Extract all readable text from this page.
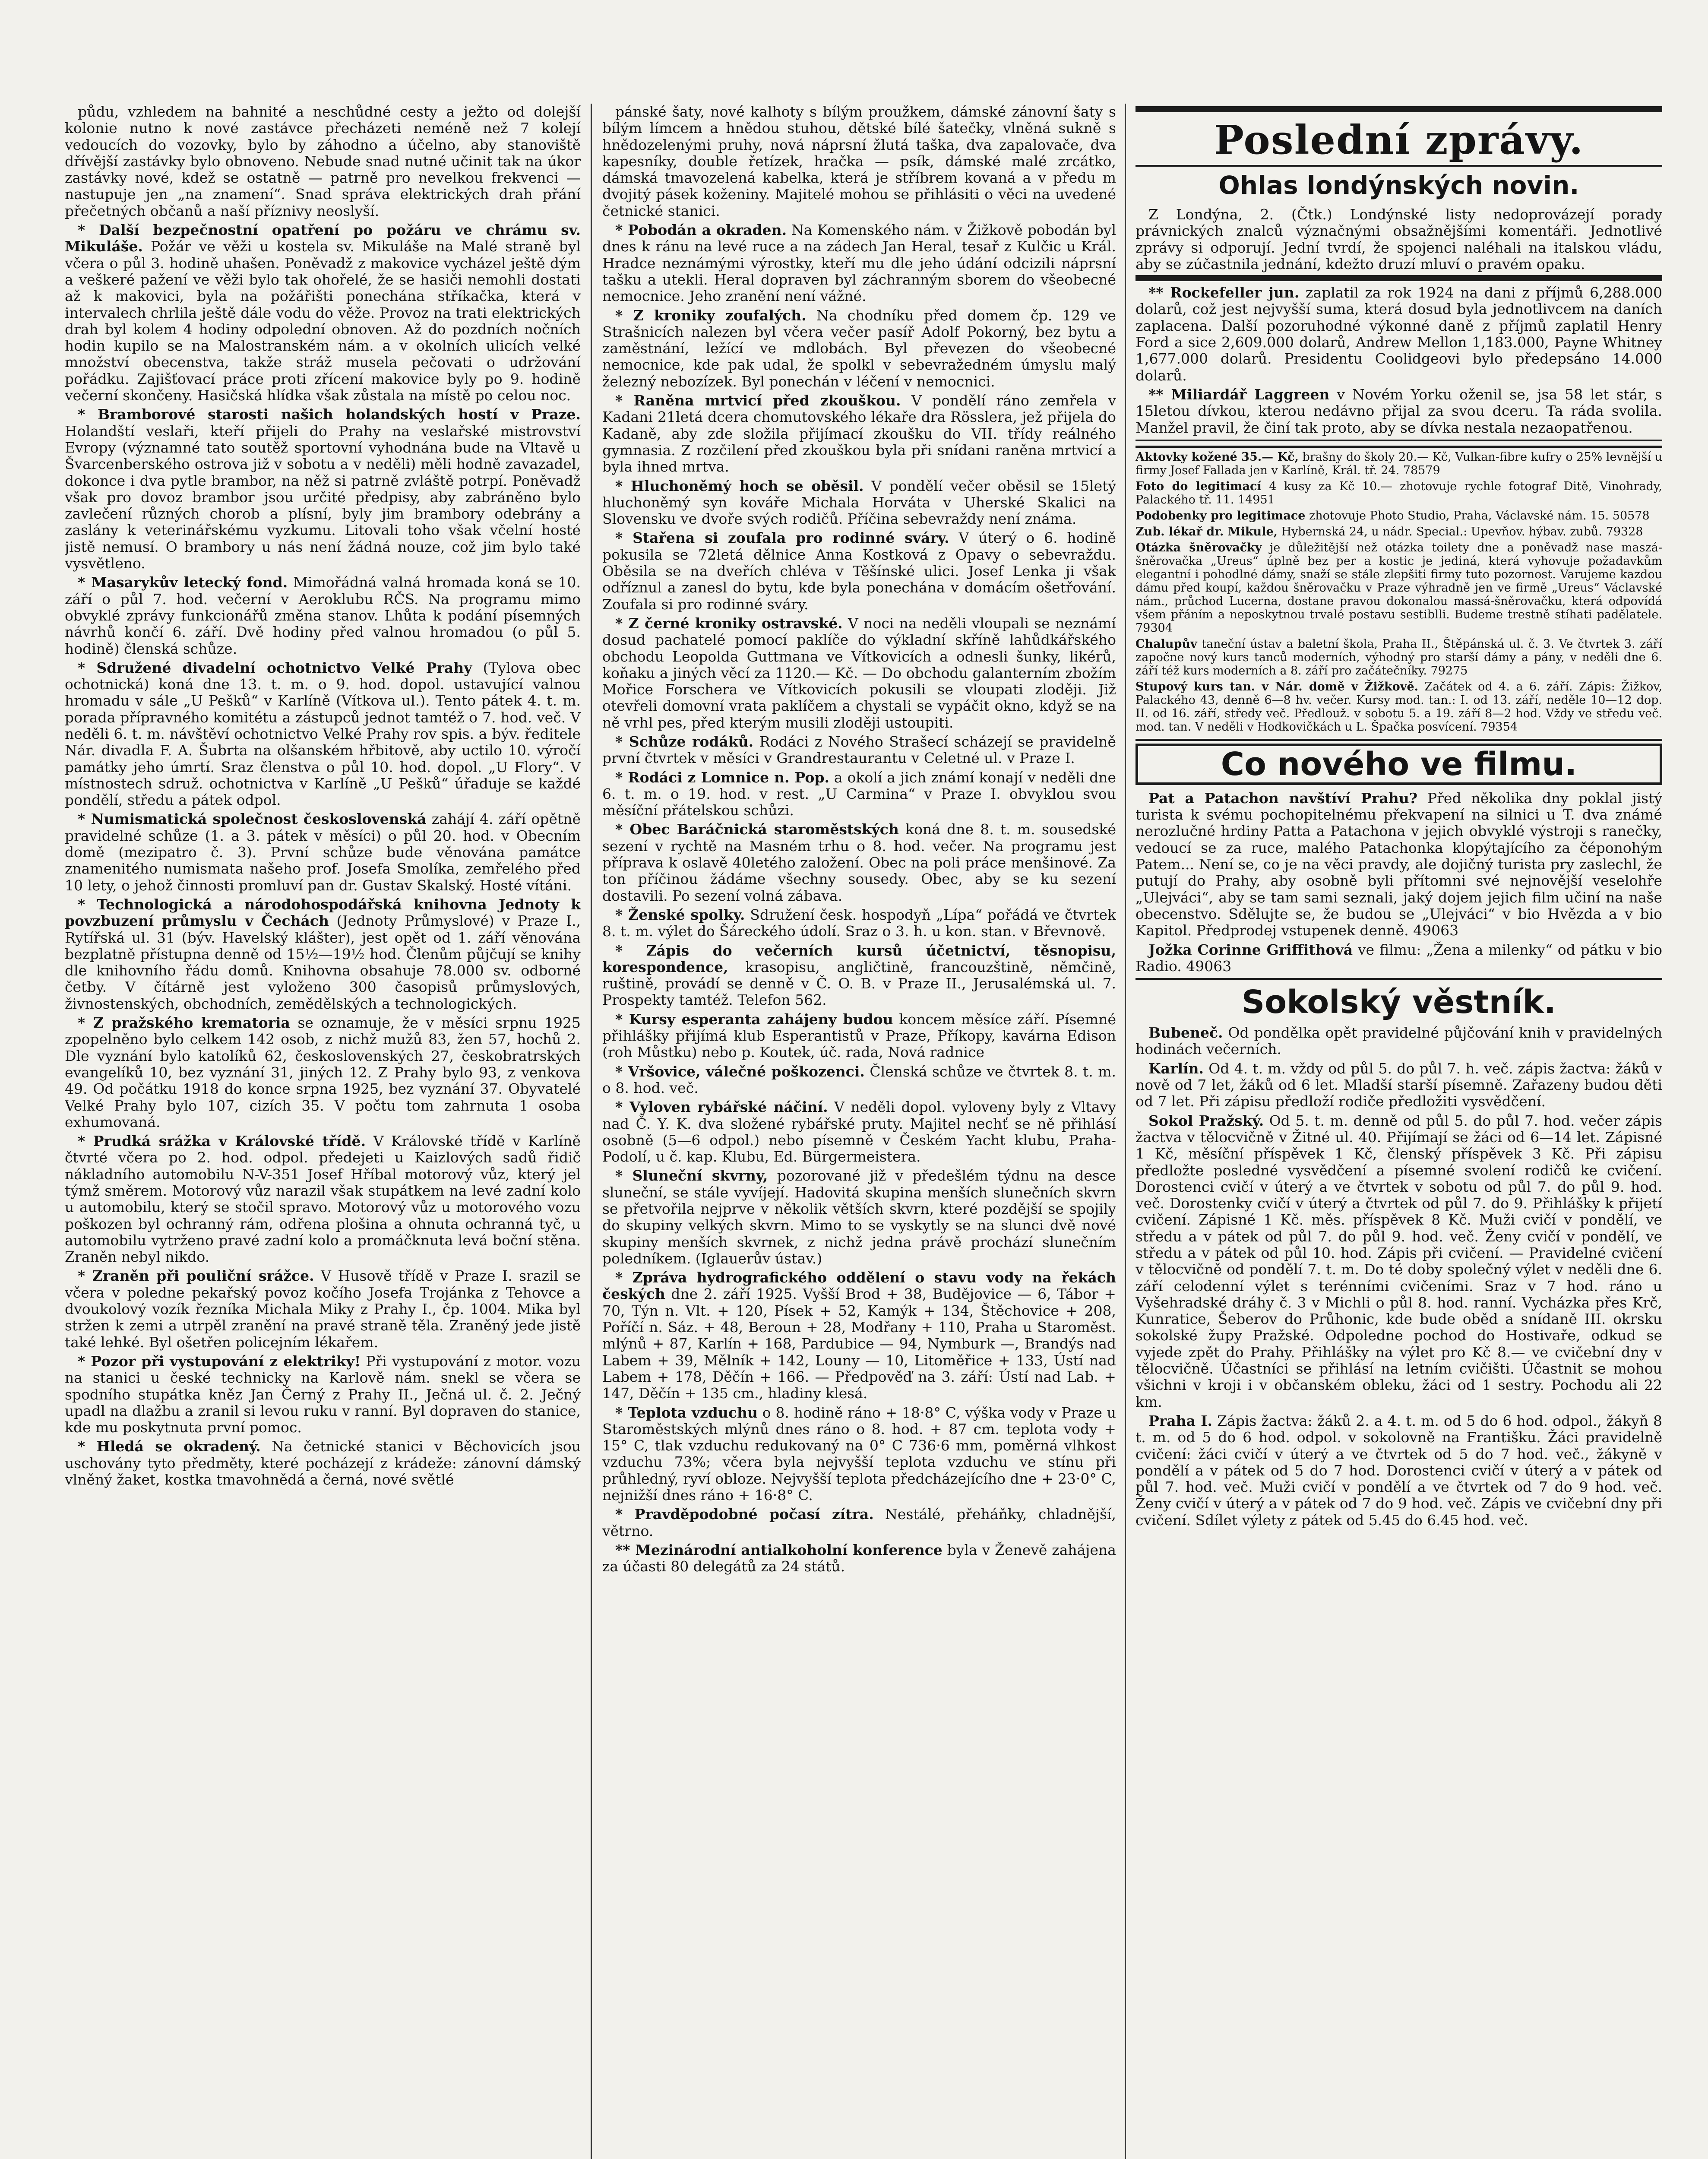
půdu, vzhledem na bahnité a neschůdné cesty a ježto od dolejší kolonie nutno k nové zastávce přecházeti neméně než 7 kolejí vedoucích do vozovky, bylo by záhodno a účelno, aby stanoviště dřívější zastávky bylo obnoveno. Nebude snad nutné učinit tak na úkor zastávky nové, kdež se ostatně — patrně pro nevelkou frekvenci — nastupuje jen „na znamení“. Snad správa elektrických drah přání přečetných občanů a naší příznivy neoslyší.

* Další bezpečnostní opatření po požáru ve chrámu sv. Mikuláše. Požár ve věži u kostela sv. Mikuláše na Malé straně byl včera o půl 3. hodině uhašen. Poněvadž z makovice vycházel ještě dým a veškeré pažení ve věži bylo tak ohořelé, že se hasiči nemohli dostati až k makovici, byla na požářišti ponechána stříkačka, která v intervalech chrlila ještě dále vodu do věže. Provoz na trati elektrických drah byl kolem 4 hodiny odpolední obnoven. Až do pozdních nočních hodin kupilo se na Malostranském nám. a v okolních ulicích velké množství obecenstva, takže stráž musela pečovati o udržování pořádku. Zajišťovací práce proti zřícení makovice byly po 9. hodině večerní skončeny. Hasičská hlídka však zůstala na místě po celou noc.

* Bramborové starosti našich holandských hostí v Praze. Holandští veslaři, kteří přijeli do Prahy na veslařské mistrovství Evropy (významné tato soutěž sportovní vyhodnána bude na Vltavě u Švarcenberského ostrova již v sobotu a v neděli) měli hodně zavazadel, dokonce i dva pytle brambor, na něž si patrně zvláště potrpí. Poněvadž však pro dovoz brambor jsou určité předpisy, aby zabráněno bylo zavlečení různých chorob a plísní, byly jim brambory odebrány a zaslány k veterinářskému vyzkumu. Litovali toho však včelní hosté jistě nemusí. O brambory u nás není žádná nouze, což jim bylo také vysvětleno.

* Masarykův letecký fond. Mimořádná valná hromada koná se 10. září o půl 7. hod. večerní v Aeroklubu RČS. Na programu mimo obvyklé zprávy funkcionářů změna stanov. Lhůta k podání písemných návrhů končí 6. září. Dvě hodiny před valnou hromadou (o půl 5. hodině) členská schůze.

* Sdružené divadelní ochotnictvo Velké Prahy (Tylova obec ochotnická) koná dne 13. t. m. o 9. hod. dopol. ustavující valnou hromadu v sále „U Pešků“ v Karlíně (Vítkova ul.). Tento pátek 4. t. m. porada přípravného komitétu a zástupců jednot tamtéž o 7. hod. več. V neděli 6. t. m. návštěví ochotnictvo Velké Prahy rov spis. a býv. ředitele Nár. divadla F. A. Šubrta na olšanském hřbitově, aby uctilo 10. výročí památky jeho úmrtí. Sraz členstva o půl 10. hod. dopol. „U Flory“. V místnostech sdruž. ochotnictva v Karlíně „U Pešků“ úřaduje se každé pondělí, středu a pátek odpol.

* Numismatická společnost československá zahájí 4. září opětně pravidelné schůze (1. a 3. pátek v měsíci) o půl 20. hod. v Obecním domě (mezipatro č. 3). První schůze bude věnována památce znamenitého numismata našeho prof. Josefa Smolíka, zemřelého před 10 lety, o jehož činnosti promluví pan dr. Gustav Skalský. Hosté vítáni.

* Technologická a národohospodářská knihovna Jednoty k povzbuzení průmyslu v Čechách (Jednoty Průmyslové) v Praze I., Rytířská ul. 31 (býv. Havelský klášter), jest opět od 1. září věnována bezplatně přístupna denně od 15½—19½ hod. Členům půjčují se knihy dle knihovního řádu domů. Knihovna obsahuje 78.000 sv. odborné četby. V čítárně jest vyloženo 300 časopisů průmyslových, živnostenských, obchodních, zemědělských a technologických.

* Z pražského krematoria se oznamuje, že v měsíci srpnu 1925 zpopelněno bylo celkem 142 osob, z nichž mužů 83, žen 57, hochů 2. Dle vyznání bylo katolíků 62, československých 27, českobratrských evangelíků 10, bez vyznání 31, jiných 12. Z Prahy bylo 93, z venkova 49. Od počátku 1918 do konce srpna 1925, bez vyznání 37. Obyvatelé Velké Prahy bylo 107, cizích 35. V počtu tom zahrnuta 1 osoba exhumovaná.

* Prudká srážka v Královské třídě. V Královské třídě v Karlíně čtvrté včera po 2. hod. odpol. předejeti u Kaizlových sadů řidič nákladního automobilu N-V-351 Josef Hříbal motorový vůz, který jel týmž směrem. Motorový vůz narazil však stupátkem na levé zadní kolo u automobilu, který se stočil spravo. Motorový vůz u motorového vozu poškozen byl ochranný rám, odřena plošina a ohnuta ochranná tyč, u automobilu vytrženo pravé zadní kolo a promáčknuta levá boční stěna. Zraněn nebyl nikdo.

* Zraněn při pouliční srážce. V Husově třídě v Praze I. srazil se včera v poledne pekařský povoz kočího Josefa Trojánka z Tehovce a dvoukolový vozík řezníka Michala Miky z Prahy I., čp. 1004. Mika byl stržen k zemi a utrpěl zranění na pravé straně těla. Zraněný jede jistě také lehké. Byl ošetřen policejním lékařem.

* Pozor při vystupování z elektriky! Při vystupování z motor. vozu na stanici u české technicky na Karlově nám. snekl se včera se spodního stupátka kněz Jan Černý z Prahy II., Ječná ul. č. 2. Ječný upadl na dlažbu a zranil si levou ruku v ranní. Byl dopraven do stanice, kde mu poskytnuta první pomoc.

* Hledá se okradený. Na četnické stanici v Běchovicích jsou uschovány tyto předměty, které pocházejí z krádeže: zánovní dámský vlněný žaket, kostka tmavohnědá a černá, nové světlé

pánské šaty, nové kalhoty s bílým proužkem, dámské zánovní šaty s bílým límcem a hnědou stuhou, dětské bílé šatečky, vlněná sukně s hnědozelenými pruhy, nová náprsní žlutá taška, dva zapalovače, dva kapesníky, double řetízek, hračka — psík, dámské malé zrcátko, dámská tmavozelená kabelka, která je stříbrem kovaná a v předu m dvojitý pásek koženiny. Majitelé mohou se přihlásiti o věci na uvedené četnické stanici.

* Pobodán a okraden. Na Komenského nám. v Žižkově pobodán byl dnes k ránu na levé ruce a na zádech Jan Heral, tesař z Kulčic u Král. Hradce neznámými výrostky, kteří mu dle jeho údání odcizili náprsní tašku a utekli. Heral dopraven byl záchranným sborem do všeobecné nemocnice. Jeho zranění není vážné.

* Z kroniky zoufalých. Na chodníku před domem čp. 129 ve Strašnicích nalezen byl včera večer pasíř Adolf Pokorný, bez bytu a zaměstnání, ležící ve mdlobách. Byl převezen do všeobecné nemocnice, kde pak udal, že spolkl v sebevražedném úmyslu malý železný nebozízek. Byl ponechán v léčení v nemocnici.

* Raněna mrtvicí před zkouškou. V pondělí ráno zemřela v Kadani 21letá dcera chomutovského lékaře dra Rösslera, jež přijela do Kadaně, aby zde složila přijímací zkoušku do VII. třídy reálného gymnasia. Z rozčilení před zkouškou byla při snídani raněna mrtvicí a byla ihned mrtva.

* Hluchoněmý hoch se oběsil. V pondělí večer oběsil se 15letý hluchoněmý syn kováře Michala Horváta v Uherské Skalici na Slovensku ve dvoře svých rodičů. Příčina sebevraždy není známa.

* Stařena si zoufala pro rodinné sváry. V úterý o 6. hodině pokusila se 72letá dělnice Anna Kostková z Opavy o sebevraždu. Oběsila se na dveřích chléva v Těšínské ulici. Josef Lenka ji však odříznul a zanesl do bytu, kde byla ponechána v domácím ošetřování. Zoufala si pro rodinné sváry.

* Z černé kroniky ostravské. V noci na neděli vloupali se neznámí dosud pachatelé pomocí paklíče do výkladní skříně lahůdkářského obchodu Leopolda Guttmana ve Vítkovicích a odnesli šunky, likérů, koňaku a jiných věcí za 1120.— Kč. — Do obchodu galanterním zbožím Mořice Forschera ve Vítkovicích pokusili se vloupati zloději. Již otevřeli domovní vrata paklíčem a chystali se vypáčit okno, když se na ně vrhl pes, před kterým musili zloději ustoupiti.

* Schůze rodáků. Rodáci z Nového Strašecí scházejí se pravidelně první čtvrtek v měsíci v Grandrestaurantu v Celetné ul. v Praze I.

* Rodáci z Lomnice n. Pop. a okolí a jich známí konají v neděli dne 6. t. m. o 19. hod. v rest. „U Carmina“ v Praze I. obvyklou svou měsíční přátelskou schůzi.

* Obec Baráčnická staroměstských koná dne 8. t. m. sousedské sezení v rychtě na Masném trhu o 8. hod. večer. Na programu jest příprava k oslavě 40letého založení. Obec na poli práce menšinové. Za ton příčinou žádáme všechny sousedy. Obec, aby se ku sezení dostavili. Po sezení volná zábava.

* Ženské spolky. Sdružení česk. hospodyň „Lípa“ pořádá ve čtvrtek 8. t. m. výlet do Šáreckého údolí. Sraz o 3. h. u kon. stan. v Břevnově.

* Zápis do večerních kursů účetnictví, těsnopisu, korespondence, krasopisu, angličtině, francouzštině, němčině, ruštině, provádí se denně v Č. O. B. v Praze II., Jerusalémská ul. 7. Prospekty tamtéž. Telefon 562.

* Kursy esperanta zahájeny budou koncem měsíce září. Písemné přihlášky přijímá klub Esperantistů v Praze, Příkopy, kavárna Edison (roh Můstku) nebo p. Koutek, úč. rada, Nová radnice

* Vršovice, válečné poškozenci. Členská schůze ve čtvrtek 8. t. m. o 8. hod. več.

* Vyloven rybářské náčiní. V neděli dopol. vyloveny byly z Vltavy nad Č. Y. K. dva složené rybářské pruty. Majitel nechť se ně přihlásí osobně (5—6 odpol.) nebo písemně v Českém Yacht klubu, Praha-Podolí, u č. kap. Klubu, Ed. Bürgermeistera.

* Sluneční skvrny, pozorované již v předešlém týdnu na desce sluneční, se stále vyvíjejí. Hadovitá skupina menších slunečních skvrn se přetvořila nejprve v několik větších skvrn, které pozdější se spojily do skupiny velkých skvrn. Mimo to se vyskytly se na slunci dvě nové skupiny menších skvrnek, z nichž jedna právě prochází slunečním poledníkem. (Iglauerův ústav.)

* Zpráva hydrografického oddělení o stavu vody na řekách českých dne 2. září 1925. Vyšší Brod + 38, Budějovice — 6, Tábor + 70, Týn n. Vlt. + 120, Písek + 52, Kamýk + 134, Štěchovice + 208, Poříčí n. Sáz. + 48, Beroun + 28, Modřany + 110, Praha u Staroměst. mlýnů + 87, Karlín + 168, Pardubice — 94, Nymburk —, Brandýs nad Labem + 39, Mělník + 142, Louny — 10, Litoměřice + 133, Ústí nad Labem + 178, Děčín + 166. — Předpověď na 3. září: Ústí nad Lab. + 147, Děčín + 135 cm., hladiny klesá.

* Teplota vzduchu o 8. hodině ráno + 18·8° C, výška vody v Praze u Staroměstských mlýnů dnes ráno o 8. hod. + 87 cm. teplota vody + 15° C, tlak vzduchu redukovaný na 0° C 736·6 mm, poměrná vlhkost vzduchu 73%; včera byla nejvyšší teplota vzduchu ve stínu při průhledný, ryví obloze. Nejvyšší teplota předcházejícího dne + 23·0° C, nejnižší dnes ráno + 16·8° C.

* Pravděpodobné počasí zítra. Nestálé, přeháňky, chladnější, větrno.

** Mezinárodní antialkoholní konference byla v Ženevě zahájena za účasti 80 delegátů za 24 států.

Poslední zprávy.
Ohlas londýnských novin.

Z Londýna, 2. (Čtk.) Londýnské listy nedoprovázejí porady právnických znalců význačnými obsažnějšími komentáři. Jednotlivé zprávy si odporují. Jední tvrdí, že spojenci naléhali na italskou vládu, aby se zúčastnila jednání, kdežto druzí mluví o pravém opaku.

** Rockefeller jun. zaplatil za rok 1924 na dani z příjmů 6,288.000 dolarů, což jest nejvyšší suma, která dosud byla jednotlivcem na daních zaplacena. Další pozoruhodné výkonné daně z příjmů zaplatil Henry Ford a sice 2,609.000 dolarů, Andrew Mellon 1,183.000, Payne Whitney 1,677.000 dolarů. Presidentu Coolidgeovi bylo předepsáno 14.000 dolarů.

** Miliardář Laggreen v Novém Yorku oženil se, jsa 58 let stár, s 15letou dívkou, kterou nedávno přijal za svou dceru. Ta ráda svolila. Manžel pravil, že činí tak proto, aby se dívka nestala nezaopatřenou.

Aktovky kožené 35.— Kč, brašny do školy 20.— Kč, Vulkan-fibre kufry o 25% levnější u firmy Josef Fallada jen v Karlíně, Král. tř. 24. 78579

Foto do legitimací 4 kusy za Kč 10.— zhotovuje rychle fotograf Ditě, Vinohrady, Palackého tř. 11. 14951

Podobenky pro legitimace zhotovuje Photo Studio, Praha, Václavské nám. 15. 50578

Zub. lékař dr. Mikule, Hybernská 24, u nádr. Special.: Upevňov. hýbav. zubů. 79328

Otázka šněrovačky je důležitější než otázka toilety dne a poněvadž nase maszá-šněrovačka „Ureus“ úplně bez per a kostic je jediná, která vyhovuje požadavkům elegantní i pohodlné dámy, snaží se stále zlepšiti firmy tuto pozornost. Varujeme kazdou dámu před koupí, každou šněrovačku v Praze výhradně jen ve firmě „Ureus“ Václavské nám., průchod Lucerna, dostane pravou dokonalou massá-šněrovačku, která odpovídá všem přáním a neposkytnou trvalé postavu sestiblli. Budeme trestně stíhati padělatele. 79304

Chalupův taneční ústav a baletní škola, Praha II., Štěpánská ul. č. 3. Ve čtvrtek 3. září započne nový kurs tanců moderních, výhodný pro starší dámy a pány, v neděli dne 6. září též kurs moderních a 8. září pro začátečníky. 79275

Stupový kurs tan. v Nár. domě v Žižkově. Začátek od 4. a 6. září. Zápis: Žižkov, Palackého 43, denně 6—8 hv. večer. Kursy mod. tan.: I. od 13. září, neděle 10—12 dop. II. od 16. září, středy več. Předlouž. v sobotu 5. a 19. září 8—2 hod. Vždy ve středu več. mod. tan. V neděli v Hodkovičkách u L. Špačka posvícení. 79354

Co nového ve filmu.

Pat a Patachon navštíví Prahu? Před několika dny poklal jistý turista k svému pochopitelnému překvapení na silnici u T. dva známé nerozlučné hrdiny Patta a Patachona v jejich obvyklé výstroji s ranečky, vedoucí se za ruce, malého Patachonka klopýtajícího za čéponohým Patem... Není se, co je na věci pravdy, ale dojičný turista pry zaslechl, že putují do Prahy, aby osobně byli přítomni své nejnovější veselohře „Ulejváci“, aby se tam sami seznali, jaký dojem jejich film učiní na naše obecenstvo. Sdělujte se, že budou se „Ulejváci“ v bio Hvězda a v bio Kapitol. Předprodej vstupenek denně. 49063

Jožka Corinne Griffithová ve filmu: „Žena a milenky“ od pátku v bio Radio. 49063

Sokolský věstník.

Bubeneč. Od pondělka opět pravidelné půjčování knih v pravidelných hodinách večerních.

Karlín. Od 4. t. m. vždy od půl 5. do půl 7. h. več. zápis žactva: žáků v nově od 7 let, žáků od 6 let. Mladší starší písemně. Zařazeny budou děti od 7 let. Při zápisu předloží rodiče předložiti vysvědčení.

Sokol Pražský. Od 5. t. m. denně od půl 5. do půl 7. hod. večer zápis žactva v tělocvičně v Žitné ul. 40. Přijímají se žáci od 6—14 let. Zápisné 1 Kč, měsíční příspěvek 1 Kč, členský příspěvek 3 Kč. Při zápisu předložte posledné vysvědčení a písemné svolení rodičů ke cvičení. Dorostenci cvičí v úterý a ve čtvrtek v sobotu od půl 7. do půl 9. hod. več. Dorostenky cvičí v úterý a čtvrtek od půl 7. do 9. Přihlášky k přijetí cvičení. Zápisné 1 Kč. měs. příspěvek 8 Kč. Muži cvičí v pondělí, ve středu a v pátek od půl 7. do půl 9. hod. več. Ženy cvičí v pondělí, ve středu a v pátek od půl 10. hod. Zápis při cvičení. — Pravidelné cvičení v tělocvičně od pondělí 7. t. m. Do té doby společný výlet v neděli dne 6. září celodenní výlet s terénními cvičeními. Sraz v 7 hod. ráno u Vyšehradské dráhy č. 3 v Michli o půl 8. hod. ranní. Vycházka přes Krč, Kunratice, Šeberov do Průhonic, kde bude oběd a snídaně III. okrsku sokolské župy Pražské. Odpoledne pochod do Hostivaře, odkud se vyjede zpět do Prahy. Přihlášky na výlet pro Kč 8.— ve cvičební dny v tělocvičně. Účastníci se přihlásí na letním cvičišti. Účastnit se mohou všichni v kroji i v občanském obleku, žáci od 1 sestry. Pochodu ali 22 km.

Praha I. Zápis žactva: žáků 2. a 4. t. m. od 5 do 6 hod. odpol., žákyň 8 t. m. od 5 do 6 hod. odpol. v sokolovně na Františku. Žáci pravidelně cvičení: žáci cvičí v úterý a ve čtvrtek od 5 do 7 hod. več., žákyně v pondělí a v pátek od 5 do 7 hod. Dorostenci cvičí v úterý a v pátek od půl 7. hod. več. Muži cvičí v pondělí a ve čtvrtek od 7 do 9 hod. več. Ženy cvičí v úterý a v pátek od 7 do 9 hod. več. Zápis ve cvičební dny při cvičení. Sdílet výlety z pátek od 5.45 do 6.45 hod. več.
